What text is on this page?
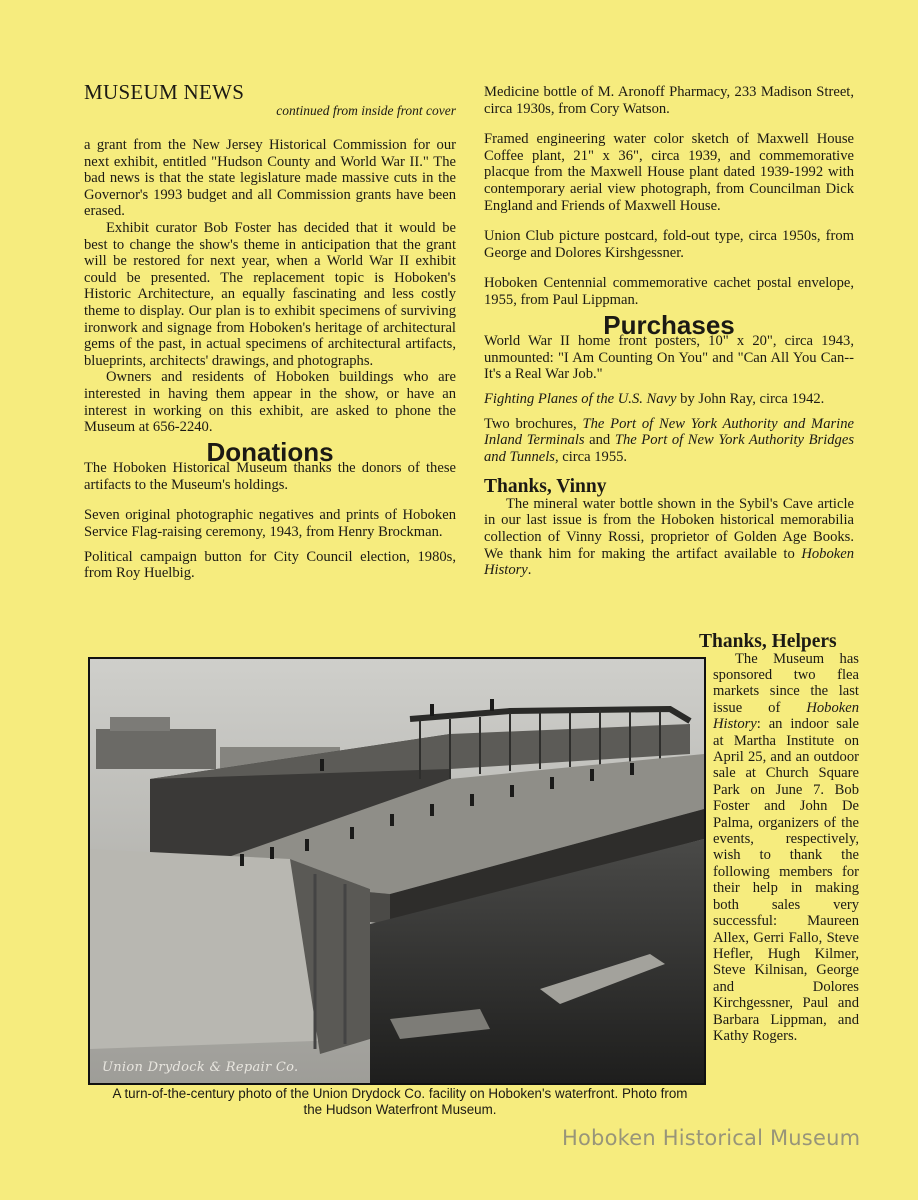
MUSEUM NEWS
continued from inside front cover

a grant from the New Jersey Historical Commission for our next exhibit, entitled "Hudson County and World War II." The bad news is that the state legislature made massive cuts in the Governor's 1993 budget and all Commission grants have been erased.

Exhibit curator Bob Foster has decided that it would be best to change the show's theme in anticipation that the grant will be restored for next year, when a World War II exhibit could be presented. The replacement topic is Hoboken's Historic Architecture, an equally fascinating and less costly theme to display. Our plan is to exhibit specimens of surviving ironwork and signage from Hoboken's heritage of architectural gems of the past, in actual specimens of architectural artifacts, blueprints, architects' drawings, and photographs.

Owners and residents of Hoboken buildings who are interested in having them appear in the show, or have an interest in working on this exhibit, are asked to phone the Museum at 656-2240.

Donations

The Hoboken Historical Museum thanks the donors of these artifacts to the Museum's holdings.

Seven original photographic negatives and prints of Hoboken Service Flag-raising ceremony, 1943, from Henry Brockman.

Political campaign button for City Council election, 1980s, from Roy Huelbig.

Medicine bottle of M. Aronoff Pharmacy, 233 Madison Street, circa 1930s, from Cory Watson.

Framed engineering water color sketch of Maxwell House Coffee plant, 21" x 36", circa 1939, and commemorative placque from the Maxwell House plant dated 1939-1992 with contemporary aerial view photograph, from Councilman Dick England and Friends of Maxwell House.

Union Club picture postcard, fold-out type, circa 1950s, from George and Dolores Kirshgessner.

Hoboken Centennial commemorative cachet postal envelope, 1955, from Paul Lippman.

Purchases

World War II home front posters, 10" x 20", circa 1943, unmounted: "I Am Counting On You" and "Can All You Can--It's a Real War Job."

Fighting Planes of the U.S. Navy by John Ray, circa 1942.

Two brochures, The Port of New York Authority and Marine Inland Terminals and The Port of New York Authority Bridges and Tunnels, circa 1955.

Thanks, Vinny

The mineral water bottle shown in the Sybil's Cave article in our last issue is from the Hoboken historical memorabilia collection of Vinny Rossi, proprietor of Golden Age Books. We thank him for making the artifact available to Hoboken History.

Thanks, Helpers

The Museum has sponsored two flea markets since the last issue of Hoboken History: an indoor sale at Martha Institute on April 25, and an outdoor sale at Church Square Park on June 7. Bob Foster and John De Palma, organizers of the events, respectively, wish to thank the following members for their help in making both sales very successful: Maureen Allex, Gerri Fallo, Steve Hefler, Hugh Kilmer, Steve Kilnisan, George and Dolores Kirchgessner, Paul and Barbara Lippman, and Kathy Rogers.

Union Drydock & Repair Co.
A turn-of-the-century photo of the Union Drydock Co. facility on Hoboken's waterfront. Photo from the Hudson Waterfront Museum.
Hoboken Historical Museum
